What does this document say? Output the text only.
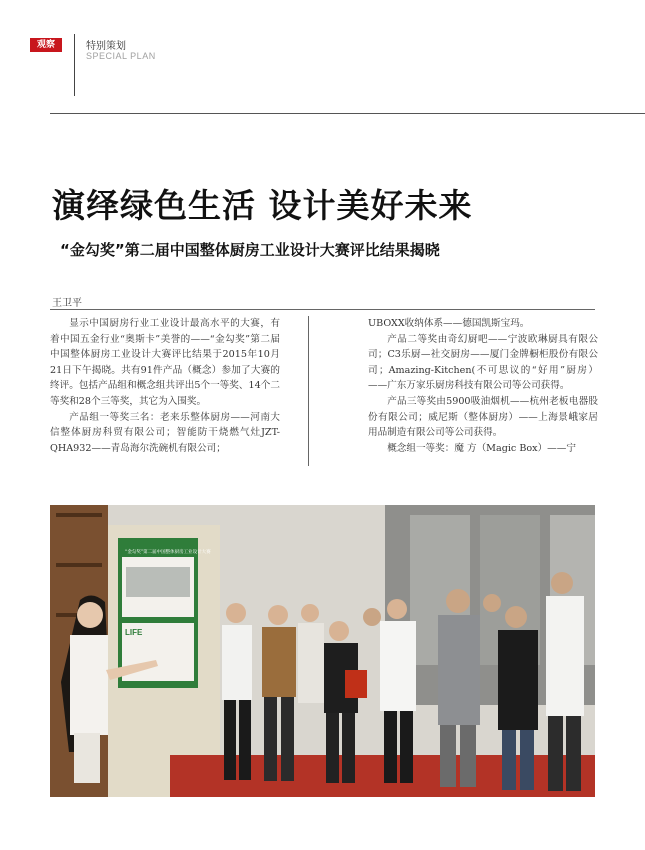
观察	特别策划
SPECIAL PLAN
演绎绿色生活 设计美好未来
“金勾奖”第二届中国整体厨房工业设计大赛评比结果揭晓
王卫平

显示中国厨房行业工业设计最高水平的大赛，有着中国五金行业“奥斯卡”美誉的——“金勾奖”第二届中国整体厨房工业设计大赛评比结果于2015年10月21日下午揭晓。共有91件产品（概念）参加了大赛的终评。包括产品组和概念组共评出5个一等奖、14个二等奖和28个三等奖，其它为入围奖。

产品组一等奖三名：老来乐整体厨房——河南大信整体厨房科贸有限公司；智能防干烧燃气灶JZT-QHA932——青岛海尔洗碗机有限公司；

UBOXX收纳体系——德国凯斯宝玛。

产品二等奖由奇幻厨吧——宁波欧琳厨具有限公司；C3乐厨—社交厨房——厦门金牌橱柜股份有限公司；Amazing-Kitchen(不可思议的“好用”厨房）——广东万家乐厨房科技有限公司等公司获得。

产品三等奖由5900吸油烟机——杭州老板电器股份有限公司；威尼斯（整体厨房）——上海景峨家居用品制造有限公司等公司获得。

概念组一等奖：魔 方（Magic Box）——宁

“金勾奖”第二届中国整体厨房工业设计大赛
LIFE
